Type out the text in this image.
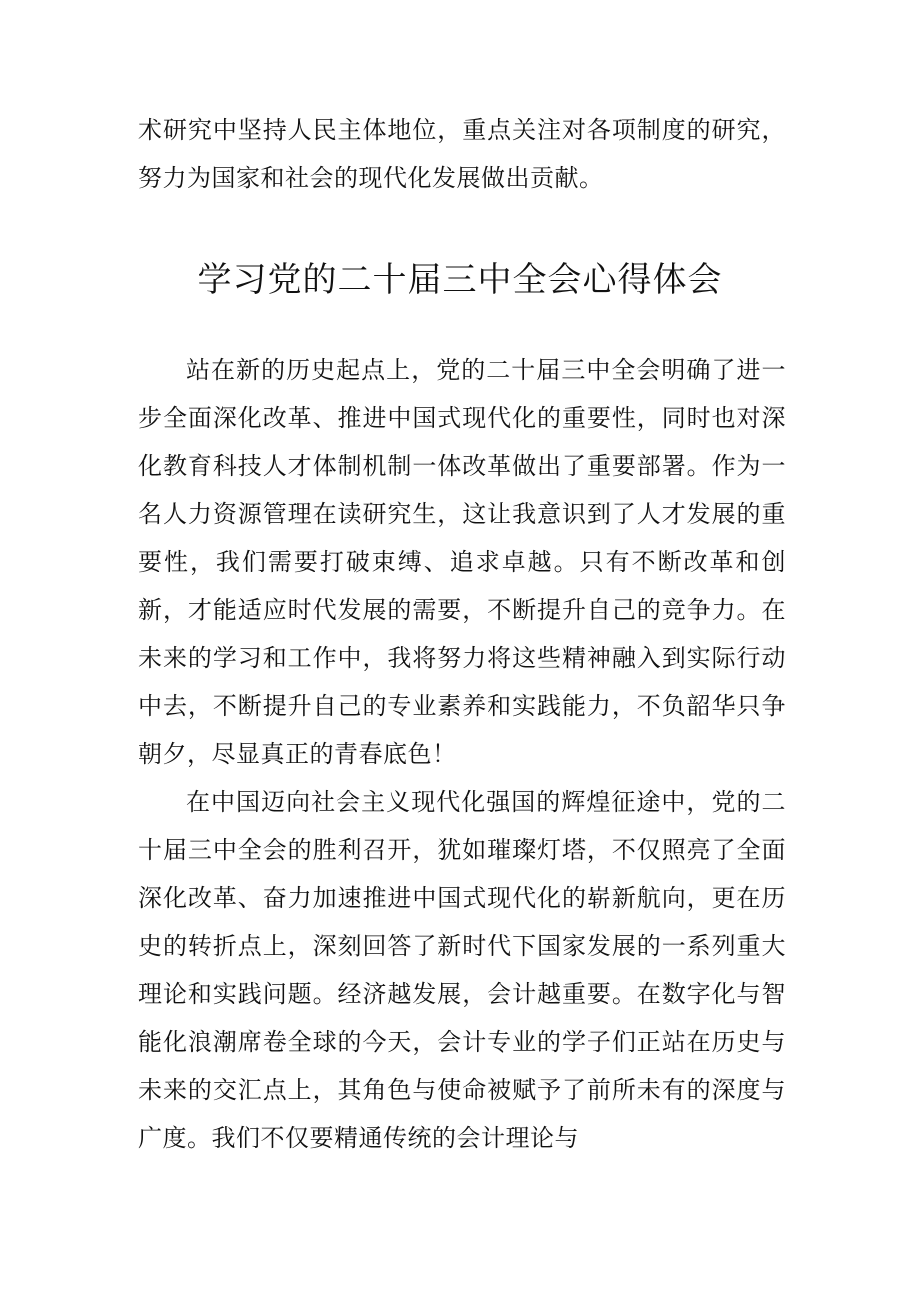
术研究中坚持人民主体地位，重点关注对各项制度的研究，努力为国家和社会的现代化发展做出贡献。

学习党的二十届三中全会心得体会

站在新的历史起点上，党的二十届三中全会明确了进一步全面深化改革、推进中国式现代化的重要性，同时也对深化教育科技人才体制机制一体改革做出了重要部署。作为一名人力资源管理在读研究生，这让我意识到了人才发展的重要性，我们需要打破束缚、追求卓越。只有不断改革和创新，才能适应时代发展的需要，不断提升自己的竞争力。在未来的学习和工作中，我将努力将这些精神融入到实际行动中去，不断提升自己的专业素养和实践能力，不负韶华只争朝夕，尽显真正的青春底色！

在中国迈向社会主义现代化强国的辉煌征途中，党的二十届三中全会的胜利召开，犹如璀璨灯塔，不仅照亮了全面深化改革、奋力加速推进中国式现代化的崭新航向，更在历史的转折点上，深刻回答了新时代下国家发展的一系列重大理论和实践问题。经济越发展，会计越重要。在数字化与智能化浪潮席卷全球的今天，会计专业的学子们正站在历史与未来的交汇点上，其角色与使命被赋予了前所未有的深度与广度。我们不仅要精通传统的会计理论与
